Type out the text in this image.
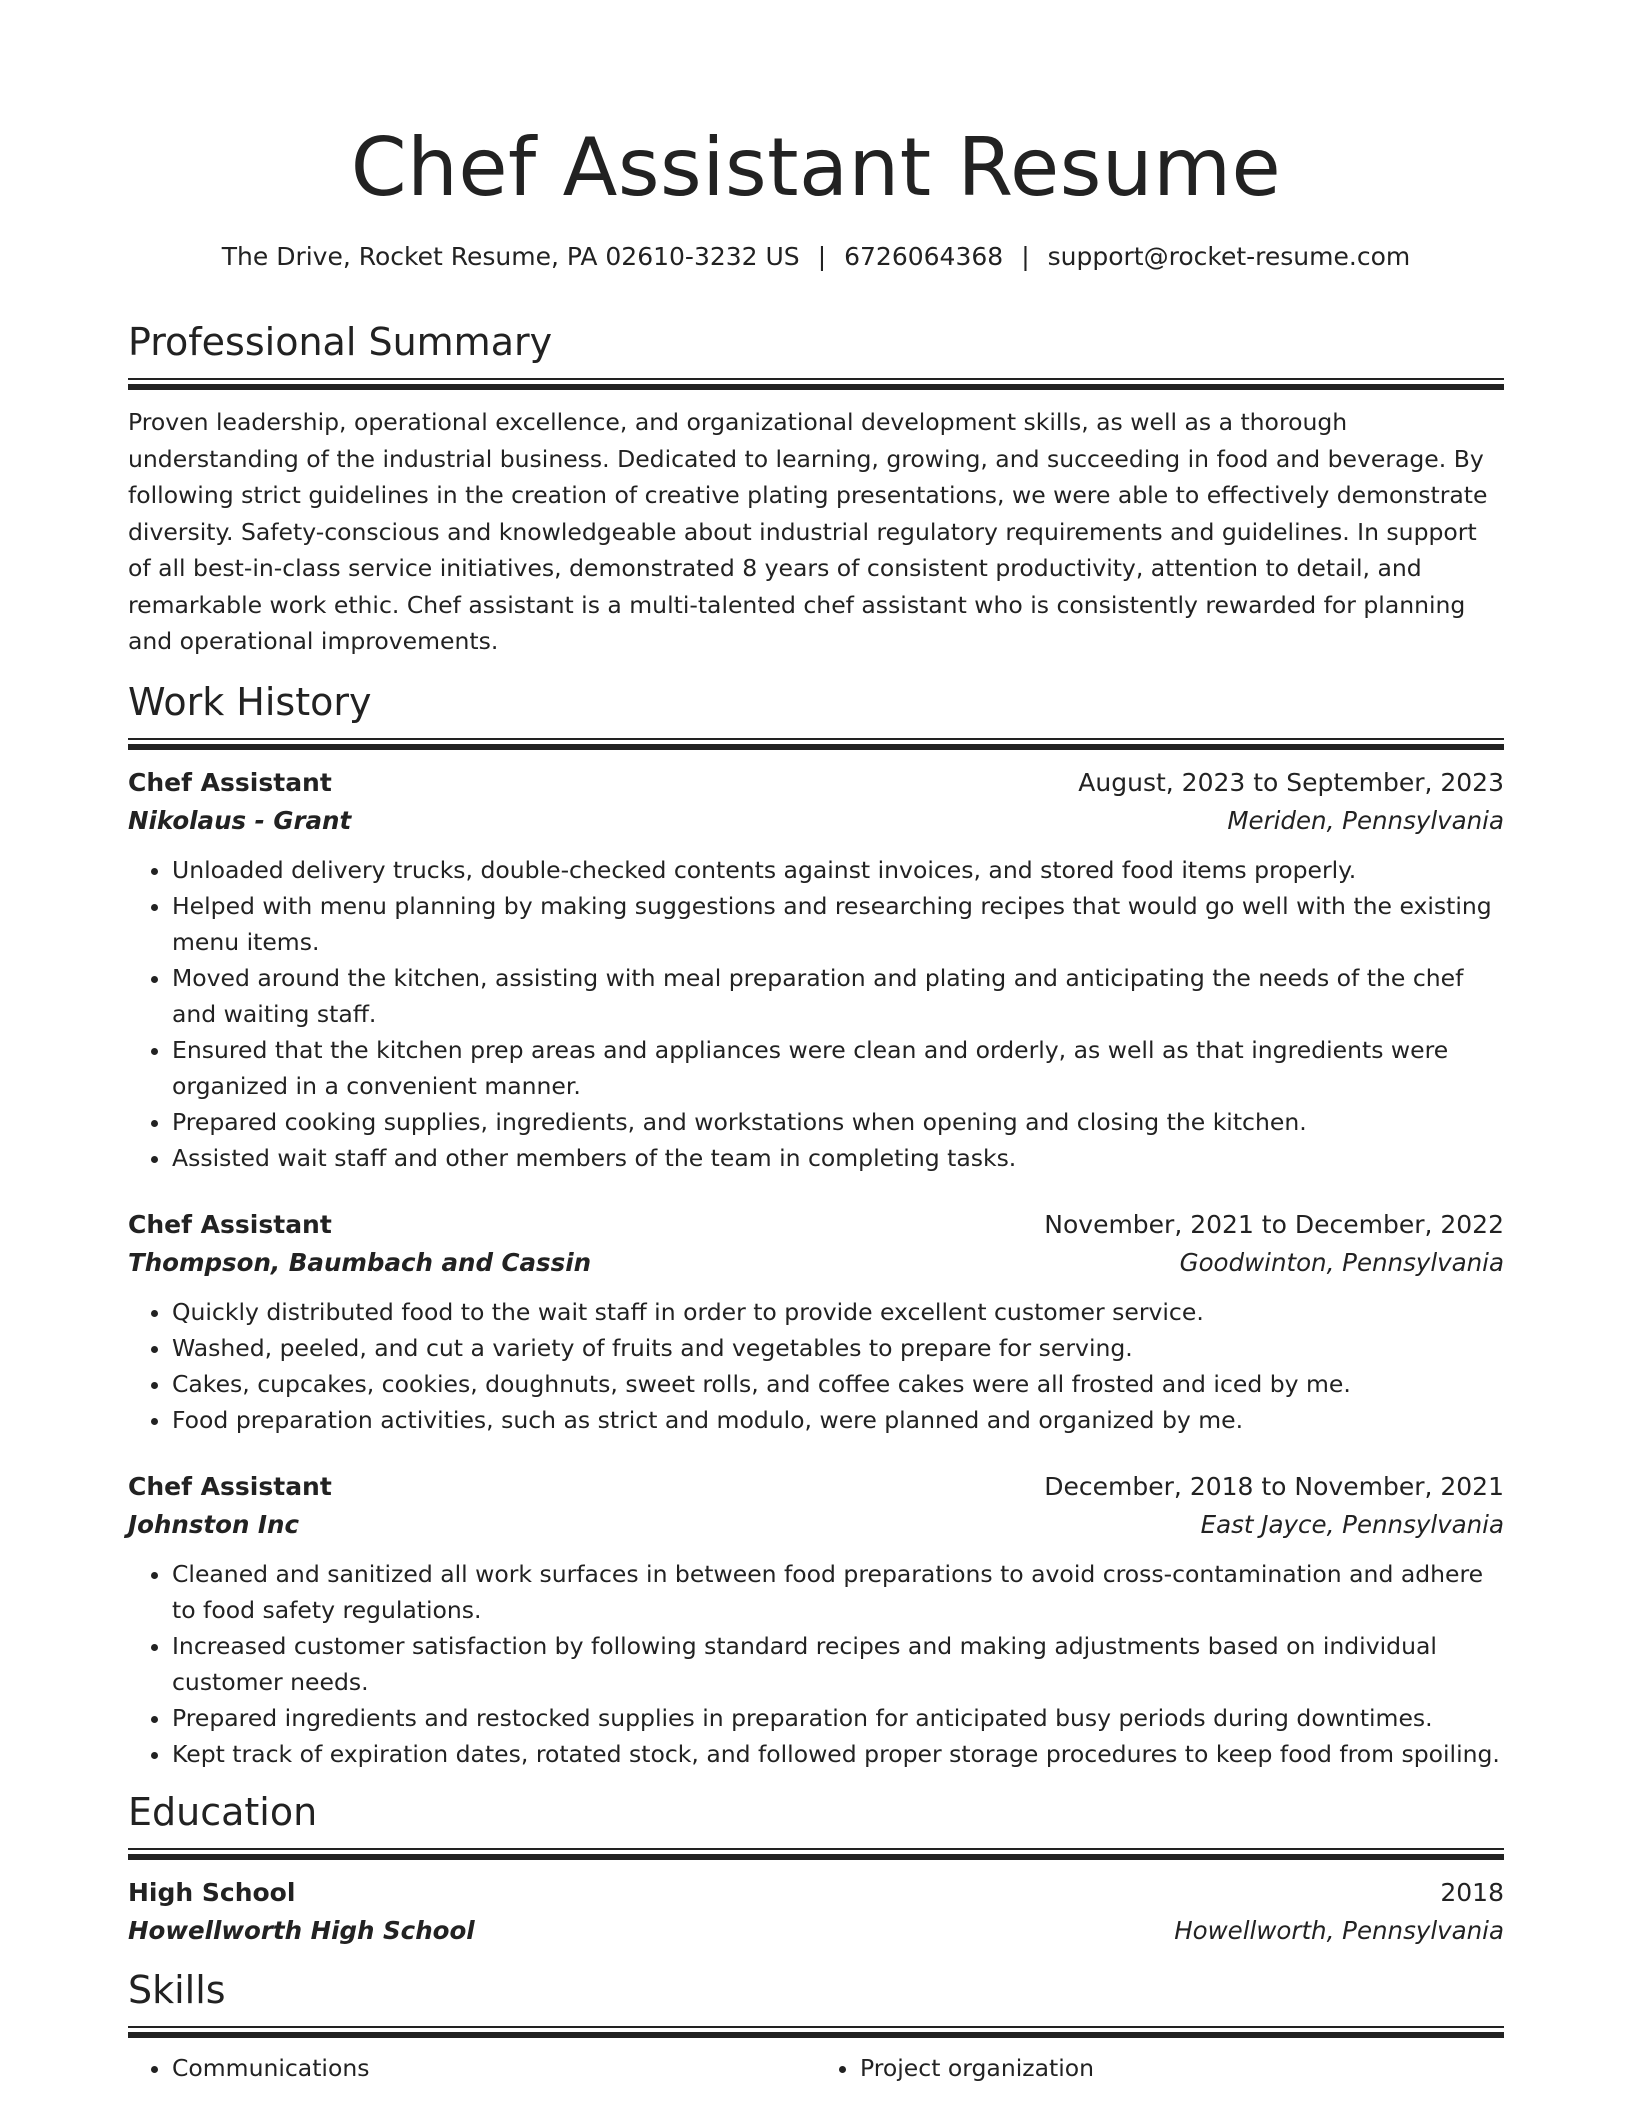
Chef Assistant Resume
The Drive, Rocket Resume, PA 02610-3232 US | 6726064368 | support@rocket-resume.com
Professional Summary

Proven leadership, operational excellence, and organizational development skills, as well as a thorough understanding of the industrial business. Dedicated to learning, growing, and succeeding in food and beverage. By following strict guidelines in the creation of creative plating presentations, we were able to effectively demonstrate diversity. Safety-conscious and knowledgeable about industrial regulatory requirements and guidelines. In support of all best-in-class service initiatives, demonstrated 8 years of consistent productivity, attention to detail, and remarkable work ethic. Chef assistant is a multi-talented chef assistant who is consistently rewarded for planning and operational improvements.

Work History
Chef Assistant	August, 2023 to September, 2023
Nikolaus - Grant	Meriden, Pennsylvania
• Unloaded delivery trucks, double-checked contents against invoices, and stored food items properly.
• Helped with menu planning by making suggestions and researching recipes that would go well with the existing menu items.
• Moved around the kitchen, assisting with meal preparation and plating and anticipating the needs of the chef and waiting staff.
• Ensured that the kitchen prep areas and appliances were clean and orderly, as well as that ingredients were organized in a convenient manner.
• Prepared cooking supplies, ingredients, and workstations when opening and closing the kitchen.
• Assisted wait staff and other members of the team in completing tasks.
Chef Assistant	November, 2021 to December, 2022
Thompson, Baumbach and Cassin	Goodwinton, Pennsylvania
• Quickly distributed food to the wait staff in order to provide excellent customer service.
• Washed, peeled, and cut a variety of fruits and vegetables to prepare for serving.
• Cakes, cupcakes, cookies, doughnuts, sweet rolls, and coffee cakes were all frosted and iced by me.
• Food preparation activities, such as strict and modulo, were planned and organized by me.
Chef Assistant	December, 2018 to November, 2021
Johnston Inc	East Jayce, Pennsylvania
• Cleaned and sanitized all work surfaces in between food preparations to avoid cross-contamination and adhere to food safety regulations.
• Increased customer satisfaction by following standard recipes and making adjustments based on individual customer needs.
• Prepared ingredients and restocked supplies in preparation for anticipated busy periods during downtimes.
• Kept track of expiration dates, rotated stock, and followed proper storage procedures to keep food from spoiling.
Education
High School	2018
Howellworth High School	Howellworth, Pennsylvania
Skills
• Communications
•	Project organization
